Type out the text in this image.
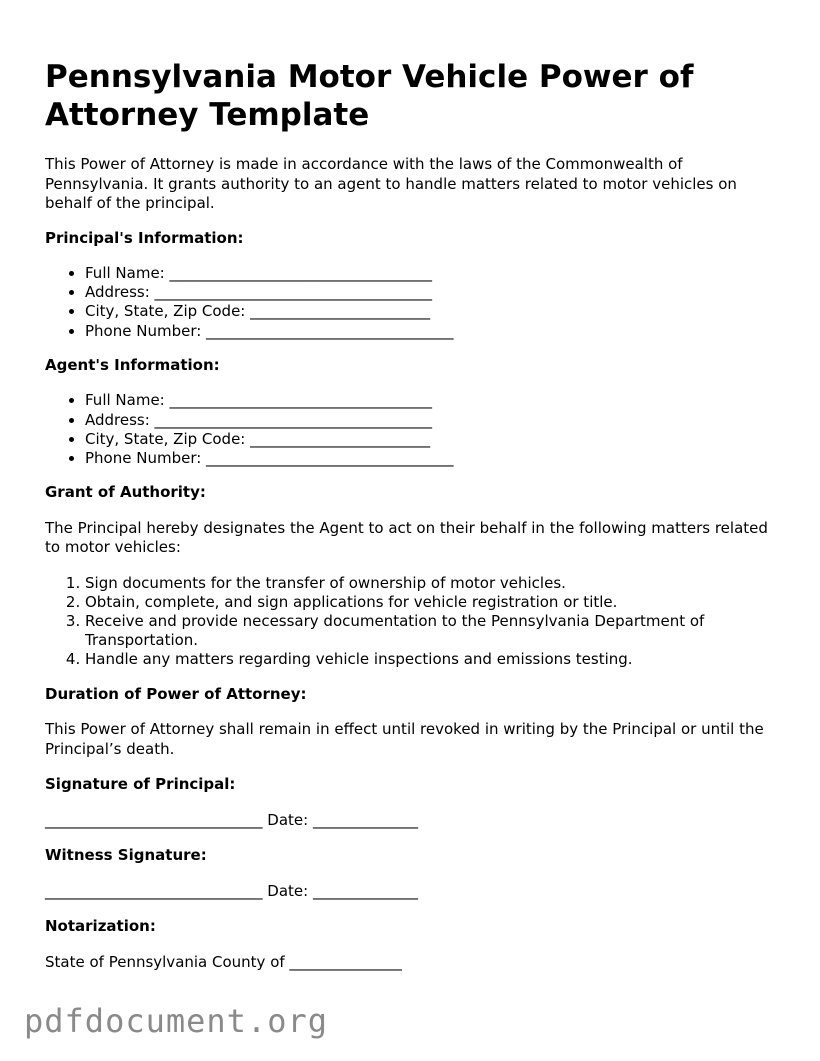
Pennsylvania Motor Vehicle Power of Attorney Template

This Power of Attorney is made in accordance with the laws of the Commonwealth of Pennsylvania. It grants authority to an agent to handle matters related to motor vehicles on behalf of the principal.

Principal's Information:

• Full Name: ___________________________________
• Address: _____________________________________
• City, State, Zip Code: ________________________
• Phone Number: _________________________________

Agent's Information:

• Full Name: ___________________________________
• Address: _____________________________________
• City, State, Zip Code: ________________________
• Phone Number: _________________________________

Grant of Authority:

The Principal hereby designates the Agent to act on their behalf in the following matters related to motor vehicles:

1. Sign documents for the transfer of ownership of motor vehicles.
2. Obtain, complete, and sign applications for vehicle registration or title.
3. Receive and provide necessary documentation to the Pennsylvania Department of Transportation.
4. Handle any matters regarding vehicle inspections and emissions testing.

Duration of Power of Attorney:

This Power of Attorney shall remain in effect until revoked in writing by the Principal or until the Principal’s death.

Signature of Principal:

_____________________________ Date: ______________

Witness Signature:

_____________________________ Date: ______________

Notarization:

State of Pennsylvania County of _______________

pdfdocument.org
